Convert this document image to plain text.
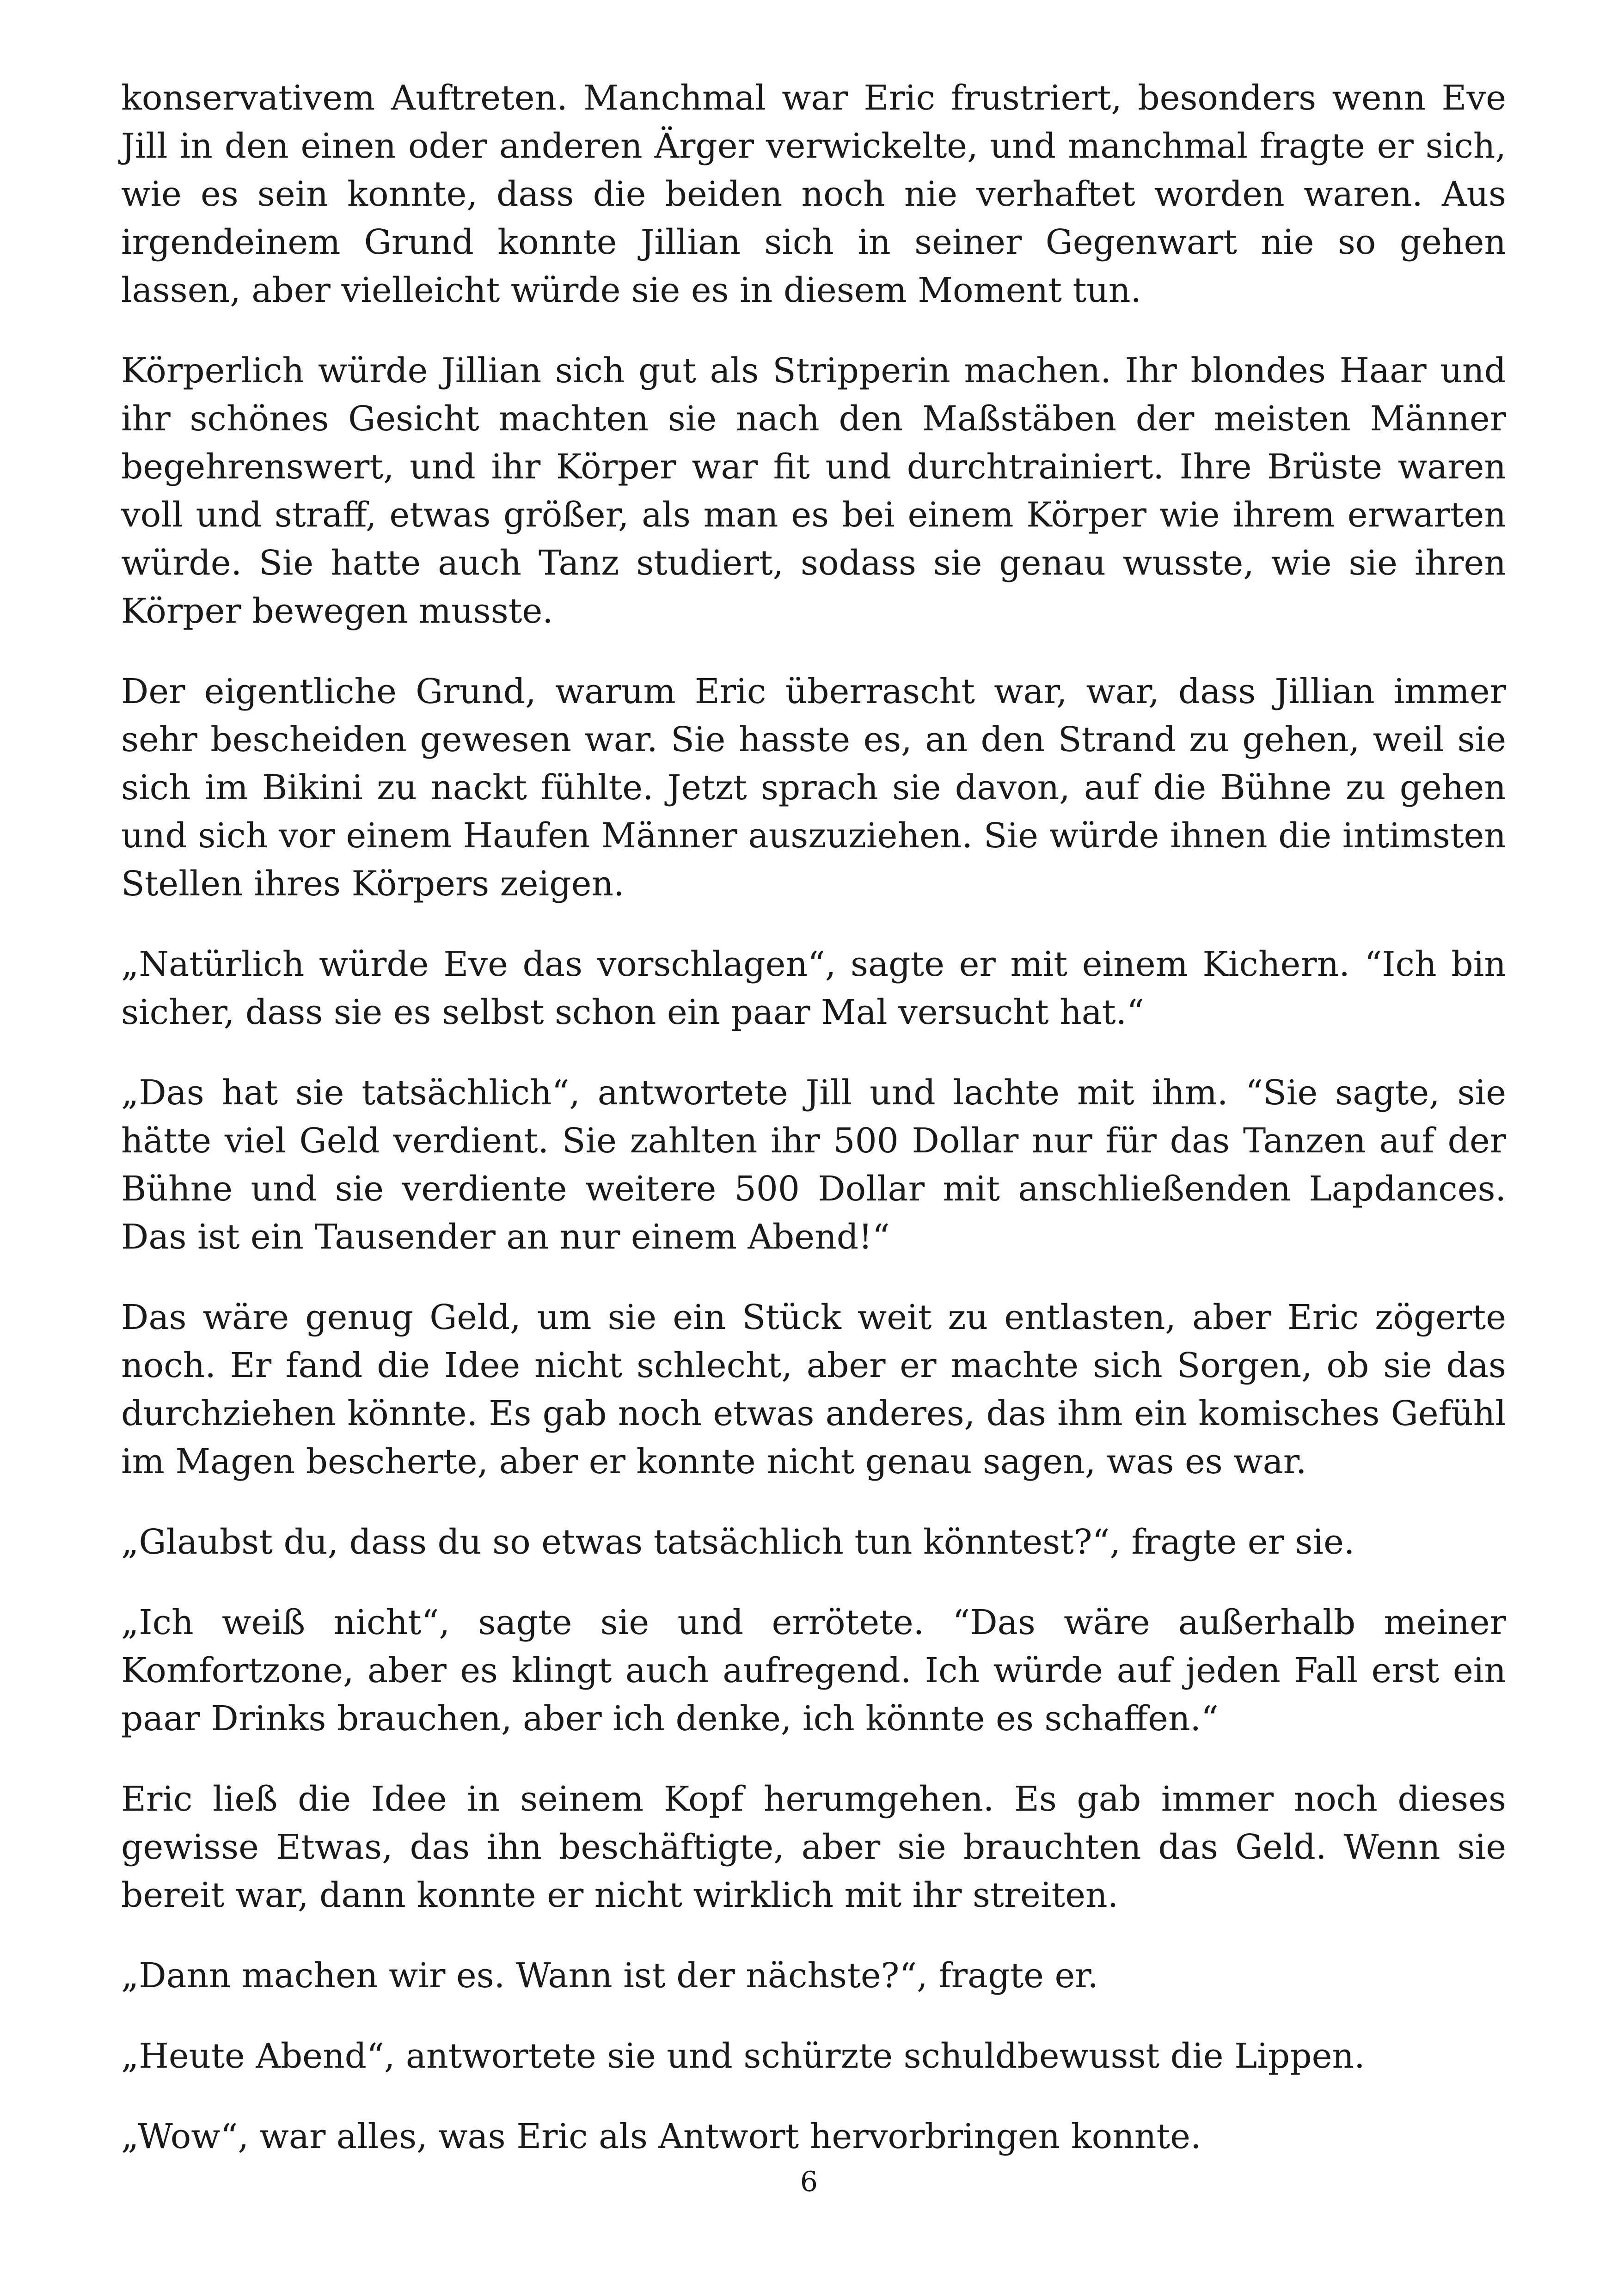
konservativem Auftreten. Manchmal war Eric frustriert, besonders wenn Eve Jill in den einen oder anderen Ärger verwickelte, und manchmal fragte er sich, wie es sein konnte, dass die beiden noch nie verhaftet worden waren. Aus irgendeinem Grund konnte Jillian sich in seiner Gegenwart nie so gehen lassen, aber vielleicht würde sie es in diesem Moment tun.

Körperlich würde Jillian sich gut als Stripperin machen. Ihr blondes Haar und ihr schönes Gesicht machten sie nach den Maßstäben der meisten Männer begehrenswert, und ihr Körper war fit und durchtrainiert. Ihre Brüste waren voll und straff, etwas größer, als man es bei einem Körper wie ihrem erwarten würde. Sie hatte auch Tanz studiert, sodass sie genau wusste, wie sie ihren Körper bewegen musste.

Der eigentliche Grund, warum Eric überrascht war, war, dass Jillian immer sehr bescheiden gewesen war. Sie hasste es, an den Strand zu gehen, weil sie sich im Bikini zu nackt fühlte. Jetzt sprach sie davon, auf die Bühne zu gehen und sich vor einem Haufen Männer auszuziehen. Sie würde ihnen die intimsten Stellen ihres Körpers zeigen.

„Natürlich würde Eve das vorschlagen“, sagte er mit einem Kichern. “Ich bin sicher, dass sie es selbst schon ein paar Mal versucht hat.“

„Das hat sie tatsächlich“, antwortete Jill und lachte mit ihm. “Sie sagte, sie hätte viel Geld verdient. Sie zahlten ihr 500 Dollar nur für das Tanzen auf der Bühne und sie verdiente weitere 500 Dollar mit anschließenden Lapdances. Das ist ein Tausender an nur einem Abend!“

Das wäre genug Geld, um sie ein Stück weit zu entlasten, aber Eric zögerte noch. Er fand die Idee nicht schlecht, aber er machte sich Sorgen, ob sie das durchziehen könnte. Es gab noch etwas anderes, das ihm ein komisches Gefühl im Magen bescherte, aber er konnte nicht genau sagen, was es war.

„Glaubst du, dass du so etwas tatsächlich tun könntest?“, fragte er sie.

„Ich weiß nicht“, sagte sie und errötete. “Das wäre außerhalb meiner Komfortzone, aber es klingt auch aufregend. Ich würde auf jeden Fall erst ein paar Drinks brauchen, aber ich denke, ich könnte es schaffen.“

Eric ließ die Idee in seinem Kopf herumgehen. Es gab immer noch dieses gewisse Etwas, das ihn beschäftigte, aber sie brauchten das Geld. Wenn sie bereit war, dann konnte er nicht wirklich mit ihr streiten.

„Dann machen wir es. Wann ist der nächste?“, fragte er.

„Heute Abend“, antwortete sie und schürzte schuldbewusst die Lippen.

„Wow“, war alles, was Eric als Antwort hervorbringen konnte.

6
